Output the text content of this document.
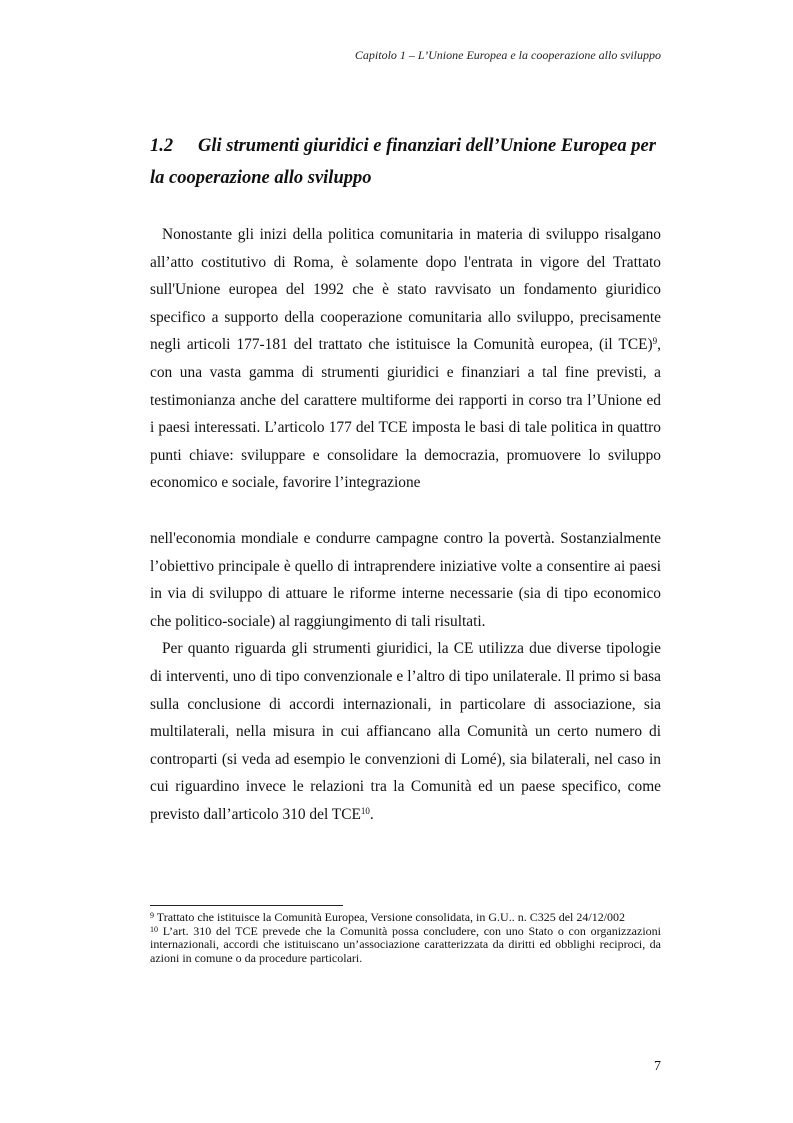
Capitolo 1 – L’Unione Europea e la cooperazione allo sviluppo
1.2 Gli strumenti giuridici e finanziari dell’Unione Europea per la cooperazione allo sviluppo

Nonostante gli inizi della politica comunitaria in materia di sviluppo risalgano all’atto costitutivo di Roma, è solamente dopo l'entrata in vigore del Trattato sull'Unione europea del 1992 che è stato ravvisato un fondamento giuridico specifico a supporto della cooperazione comunitaria allo sviluppo, precisamente negli articoli 177-181 del trattato che istituisce la Comunità europea, (il TCE)$^9$, con una vasta gamma di strumenti giuridici e finanziari a tal fine previsti, a testimonianza anche del carattere multiforme dei rapporti in corso tra l’Unione ed i paesi interessati. L’articolo 177 del TCE imposta le basi di tale politica in quattro punti chiave: sviluppare e consolidare la democrazia, promuovere lo sviluppo economico e sociale, favorire l’integrazione

nell'economia mondiale e condurre campagne contro la povertà. Sostanzialmente l’obiettivo principale è quello di intraprendere iniziative volte a consentire ai paesi in via di sviluppo di attuare le riforme interne necessarie (sia di tipo economico che politico-sociale) al raggiungimento di tali risultati.

Per quanto riguarda gli strumenti giuridici, la CE utilizza due diverse tipologie di interventi, uno di tipo convenzionale e l’altro di tipo unilaterale. Il primo si basa sulla conclusione di accordi internazionali, in particolare di associazione, sia multilaterali, nella misura in cui affiancano alla Comunità un certo numero di controparti (si veda ad esempio le convenzioni di Lomé), sia bilaterali, nel caso in cui riguardino invece le relazioni tra la Comunità ed un paese specifico, come previsto dall’articolo 310 del TCE$^{10}$.

$^9$ Trattato che istituisce la Comunità Europea, Versione consolidata, in G.U.. n. C325 del 24/12/002

$^{10}$ L’art. 310 del TCE prevede che la Comunità possa concludere, con uno Stato o con organizzazioni internazionali, accordi che istituiscano un’associazione caratterizzata da diritti ed obblighi reciproci, da azioni in comune o da procedure particolari.

7
